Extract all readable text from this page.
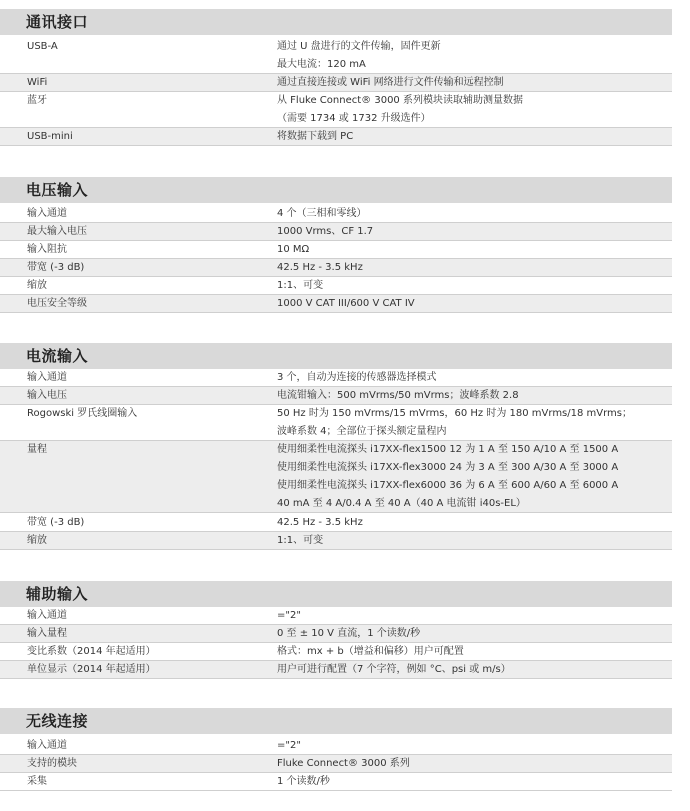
通讯接口
USB-A	通过 U 盘进行的文件传输，固件更新
最大电流：120 mA
WiFi	通过直接连接或 WiFi 网络进行文件传输和远程控制
蓝牙	从 Fluke Connect® 3000 系列模块读取辅助测量数据
（需要 1734 或 1732 升级选件）
USB-mini	将数据下载到 PC
电压输入
输入通道	4 个（三相和零线）
最大输入电压	1000 Vrms、CF 1.7
输入阻抗	10 MΩ
带宽 (-3 dB)	42.5 Hz - 3.5 kHz
缩放	1:1、可变
电压安全等级	1000 V CAT III/600 V CAT IV
电流输入
输入通道	3 个，自动为连接的传感器选择模式
输入电压	电流钳输入：500 mVrms/50 mVrms；波峰系数 2.8
Rogowski 罗氏线圈输入	50 Hz 时为 150 mVrms/15 mVrms，60 Hz 时为 180 mVrms/18 mVrms；
波峰系数 4；全部位于探头额定量程内
量程	使用细柔性电流探头 i17XX-flex1500 12 为 1 A 至 150 A/10 A 至 1500 A
使用细柔性电流探头 i17XX-flex3000 24 为 3 A 至 300 A/30 A 至 3000 A
使用细柔性电流探头 i17XX-flex6000 36 为 6 A 至 600 A/60 A 至 6000 A
40 mA 至 4 A/0.4 A 至 40 A（40 A 电流钳 i40s-EL）
带宽 (-3 dB)	42.5 Hz - 3.5 kHz
缩放	1:1、可变
辅助输入
输入通道	="2"
输入量程	0 至 ± 10 V 直流，1 个读数/秒
变比系数（2014 年起适用）	格式：mx + b（增益和偏移）用户可配置
单位显示（2014 年起适用）	用户可进行配置（7 个字符，例如 °C、psi 或 m/s）
无线连接
输入通道	="2"
支持的模块	Fluke Connect® 3000 系列
采集	1 个读数/秒
